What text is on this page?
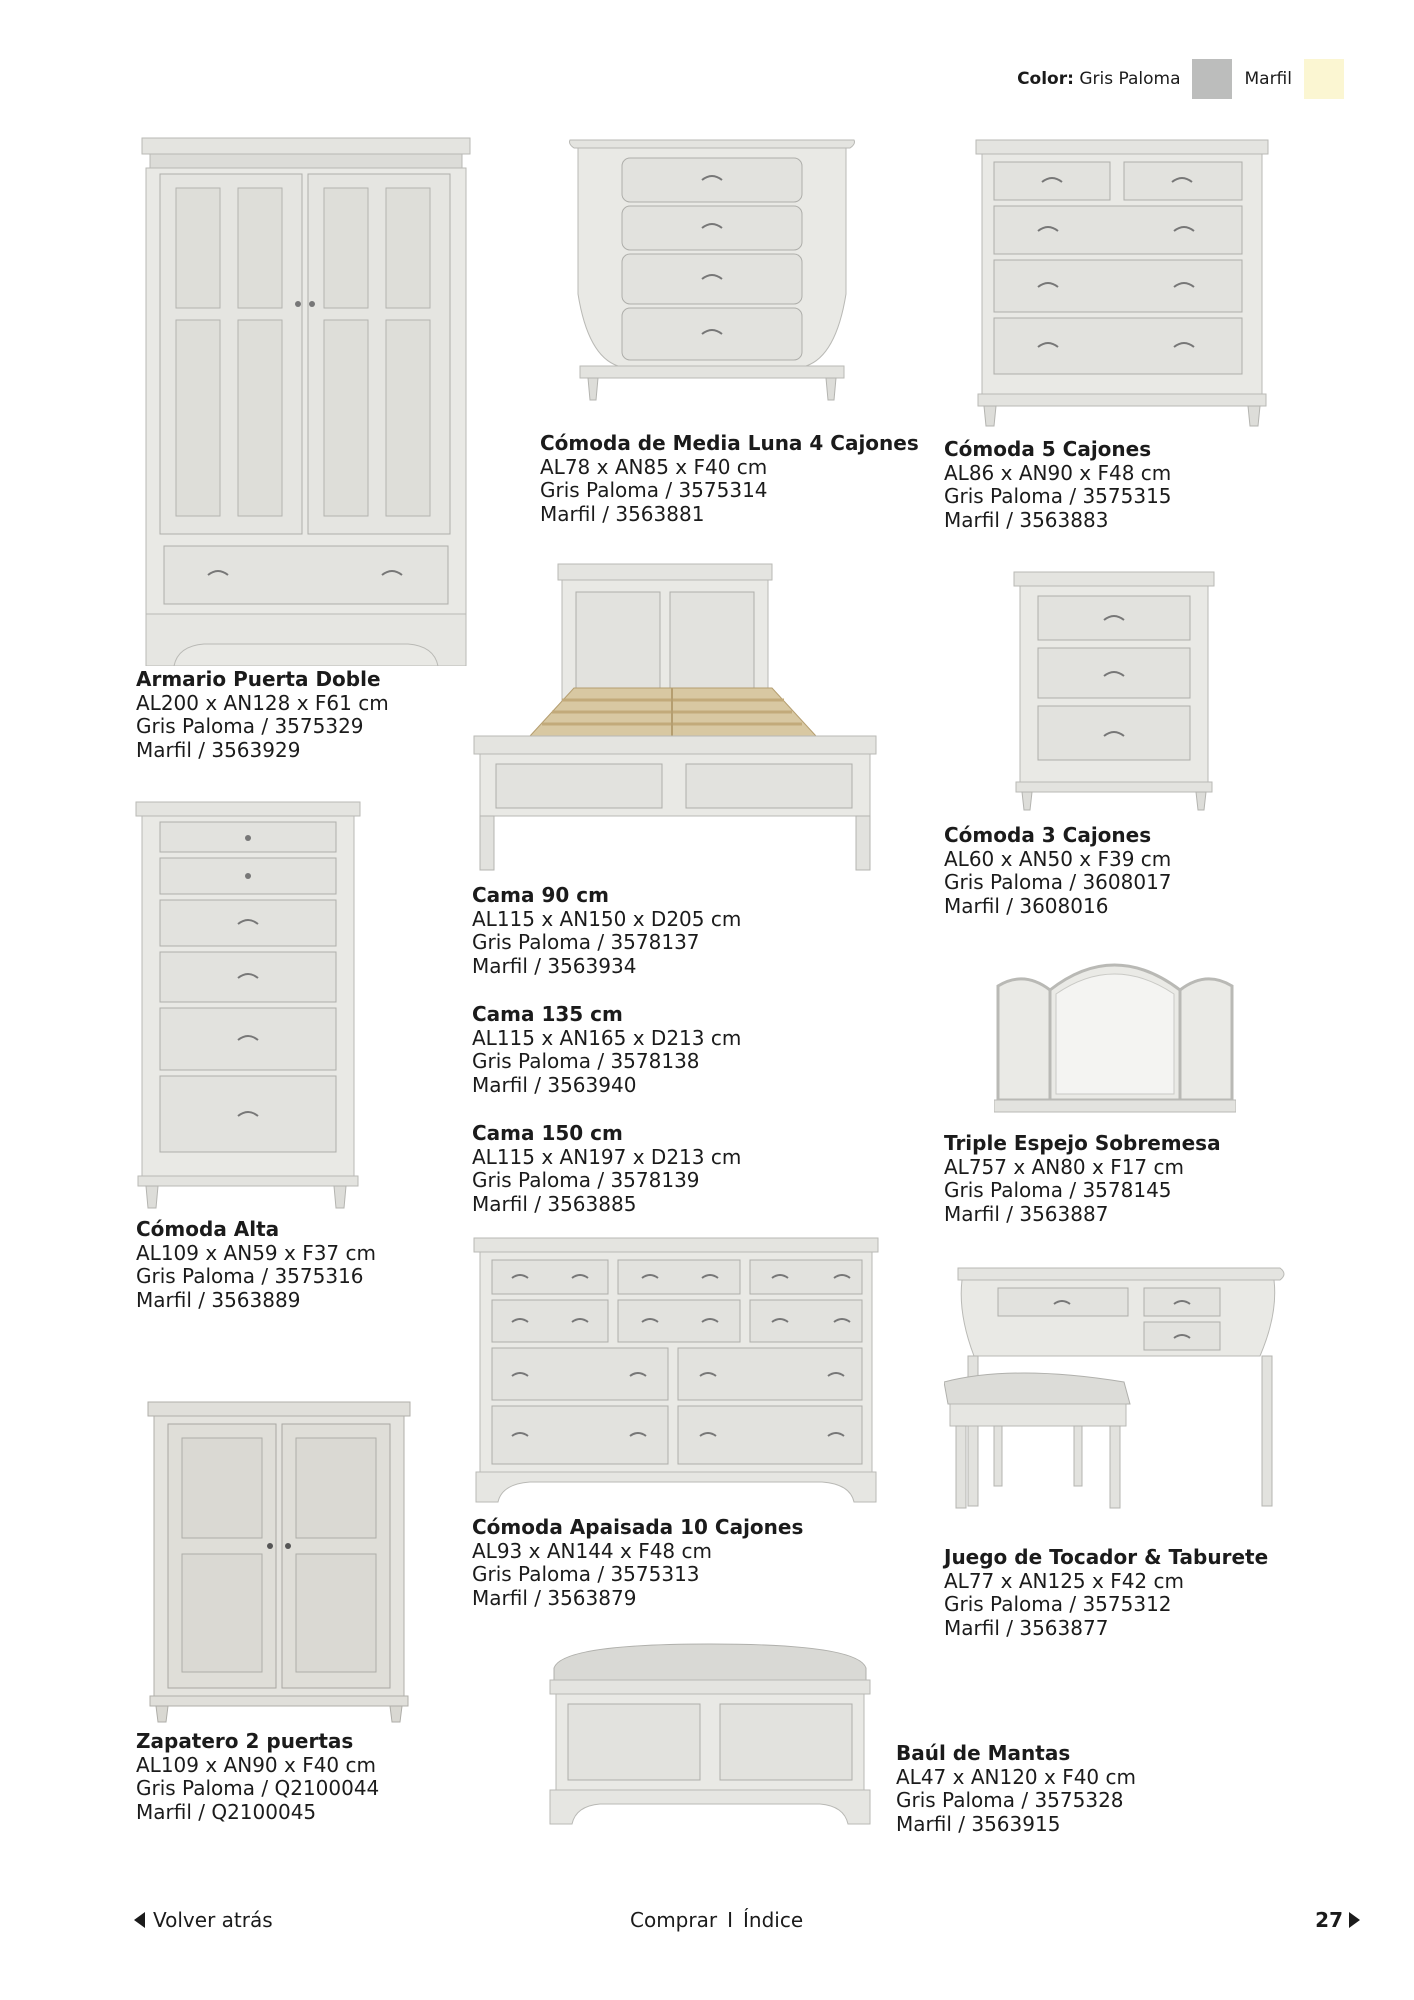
Color: Gris Paloma	Marfil
Armario Puerta Doble
AL200 x AN128 x F61 cm
Gris Paloma / 3575329
Marfil / 3563929
Cómoda de Media Luna 4 Cajones
AL78 x AN85 x F40 cm
Gris Paloma / 3575314
Marfil / 3563881
Cómoda 5 Cajones
AL86 x AN90 x F48 cm
Gris Paloma / 3575315
Marfil / 3563883
Cama 90 cm
AL115 x AN150 x D205 cm
Gris Paloma / 3578137
Marfil / 3563934
Cama 135 cm
AL115 x AN165 x D213 cm
Gris Paloma / 3578138
Marfil / 3563940
Cama 150 cm
AL115 x AN197 x D213 cm
Gris Paloma / 3578139
Marfil / 3563885
Cómoda 3 Cajones
AL60 x AN50 x F39 cm
Gris Paloma / 3608017
Marfil / 3608016
Cómoda Alta
AL109 x AN59 x F37 cm
Gris Paloma / 3575316
Marfil / 3563889
Triple Espejo Sobremesa
AL757 x AN80 x F17 cm
Gris Paloma / 3578145
Marfil / 3563887
Cómoda Apaisada 10 Cajones
AL93 x AN144 x F48 cm
Gris Paloma / 3575313
Marfil / 3563879
Juego de Tocador & Taburete
AL77 x AN125 x F42 cm
Gris Paloma / 3575312
Marfil / 3563877
Zapatero 2 puertas
AL109 x AN90 x F40 cm
Gris Paloma / Q2100044
Marfil / Q2100045
Baúl de Mantas
AL47 x AN120 x F40 cm
Gris Paloma / 3575328
Marfil / 3563915
Volver atrás	Comprar I Índice	27
